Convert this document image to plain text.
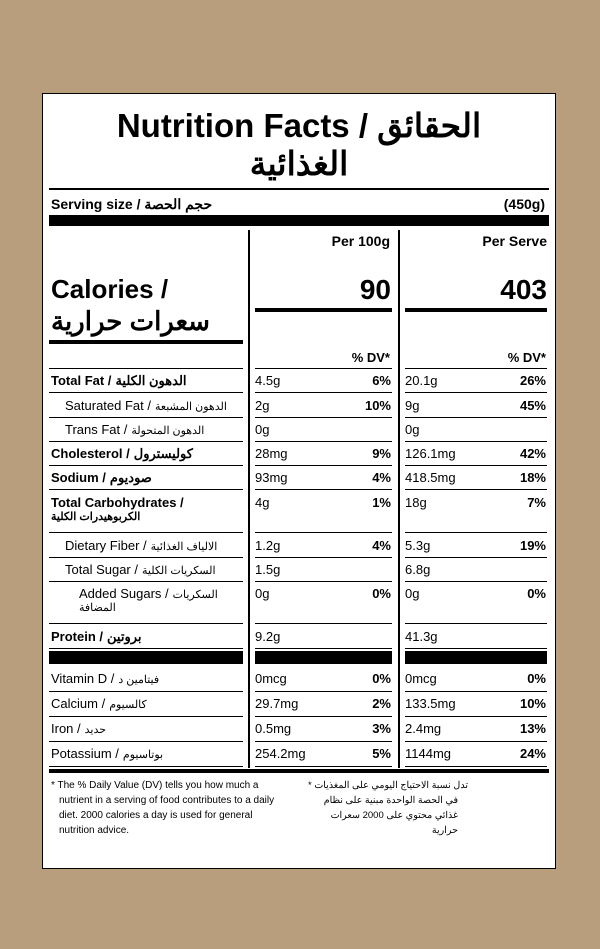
Nutrition Facts / الحقائق
الغذائية
Serving size / حجم الحصة	(450g)
Per 100g	Per Serve
Calories /
سعرات حرارية
90	403
% DV*	% DV*
Total Fat / الدهون الكلية	4.5g	6% 20.1g	26%
Saturated Fat / الدهون المشبعة 2g	10% 9g	45%
Trans Fat / الدهون المتحولة	0g	0g
Cholesterol / كوليسترول	28mg	9% 126.1mg	42%
Sodium / صوديوم	93mg	4% 418.5mg	18%
Total Carbohydrates /
الكربوهيدرات الكلية
4g	1% 18g	7%
Dietary Fiber / الالياف الغذائية	1.2g	4% 5.3g	19%
Total Sugar / السكريات الكلية	1.5g	6.8g
Added Sugars / السكريات
المضافة
0g	0% 0g	0%
Protein / بروتين	9.2g	41.3g
Vitamin D / فيتامين د	0mcg	0% 0mcg	0%
Calcium / كالسيوم	29.7mg	2% 133.5mg	10%
Iron / حديد	0.5mg	3% 2.4mg	13%
Potassium / بوتاسيوم	254.2mg	5% 1144mg	24%
* The % Daily Value (DV) tells you how much a
nutrient in a serving of food contributes to a daily
diet. 2000 calories a day is used for general
nutrition advice.
* تدل نسبة الاحتياج اليومي على المغذيات
في الحصة الواحدة مبنية على نظام
غذائي محتوي على 2000 سعرات
حرارية
